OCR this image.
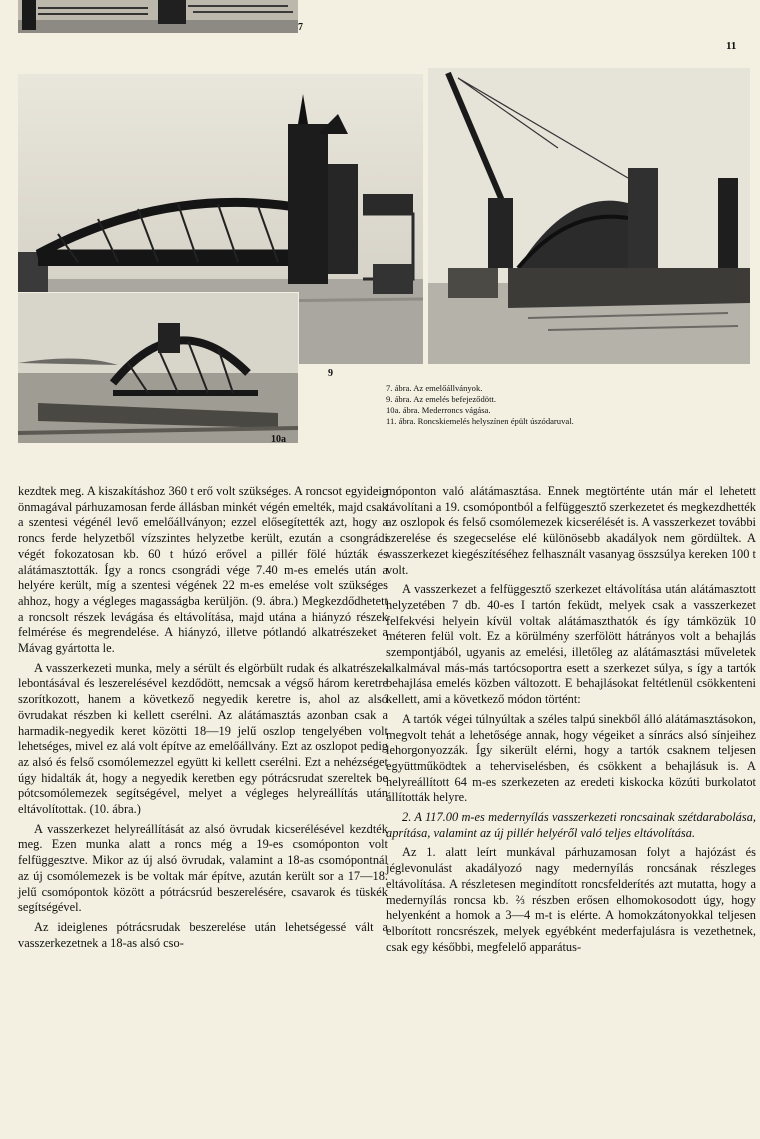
7
9
10a
11
7. ábra. Az emelőállványok.
9. ábra. Az emelés befejeződött.
10a. ábra. Mederroncs vágása.
11. ábra. Roncskiemelés helyszínen épült úszódaruval.

kezdtek meg. A kiszakításhoz 360 t erő volt szükséges. A roncsot egyideig önmagával párhuzamosan ferde állásban minkét végén emelték, majd csak a szentesi végénél levő emelőállványon; ezzel elősegítették azt, hogy a roncs ferde helyzetből vízszintes helyzetbe került, ezután a csongrádi végét fokozatosan kb. 60 t húzó erővel a pillér fölé húzták és alátámasztották. Így a roncs csongrádi vége 7.40 m-es emelés után a helyére került, míg a szentesi végének 22 m-es emelése volt szükséges ahhoz, hogy a végleges magasságba kerüljön. (9. ábra.) Megkezdődhetett a roncsolt részek levágása és eltávolítása, majd utána a hiányzó részek felmérése és megrendelése. A hiányzó, illetve pótlandó alkatrészeket a Mávag gyártotta le.

A vasszerkezeti munka, mely a sérült és elgörbült rudak és alkatrészek lebontásával és leszerelésével kezdődött, nemcsak a végső három keretre szorítkozott, hanem a következő negyedik keretre is, ahol az alsó övrudakat részben ki kellett cserélni. Az alátámasztás azonban csak a harmadik-negyedik keret közötti 18—19 jelű oszlop tengelyében volt lehetséges, mivel ez alá volt építve az emelőállvány. Ezt az oszlopot pedig az alsó és felső csomólemezzel együtt ki kellett cserélni. Ezt a nehézséget úgy hidalták át, hogy a negyedik keretben egy pótrácsrudat szereltek be pótcsomólemezek segítségével, melyet a végleges helyreállítás után eltávolítottak. (10. ábra.)

A vasszerkezet helyreállítását az alsó övrudak kicserélésével kezdték meg. Ezen munka alatt a roncs még a 19-es csomóponton volt felfüggesztve. Mikor az új alsó övrudak, valamint a 18-as csomópontnál az új csomólemezek is be voltak már építve, azután került sor a 17—18. jelű csomópontok között a pótrácsrúd beszerelésére, csavarok és tüskék segítségével.

Az ideiglenes pótrácsrudak beszerelése után lehetségessé vált a vasszerkezetnek a 18-as alsó cso-

móponton való alátámasztása. Ennek megtörténte után már el lehetett távolítani a 19. csomópontból a felfüggesztő szerkezetet és megkezdhették az oszlopok és felső csomólemezek kicserélését is. A vasszerkezet további szerelése és szegecselése elé különösebb akadályok nem gördültek. A vasszerkezet kiegészítéséhez felhasznált vasanyag összsúlya kereken 100 t volt.

A vasszerkezet a felfüggesztő szerkezet eltávolítása után alátámasztott helyzetében 7 db. 40-es I tartón feküdt, melyek csak a vasszerkezet felfekvési helyein kívül voltak alátámaszthatók és így támközük 10 méteren felül volt. Ez a körülmény szerfölött hátrányos volt a behajlás szempontjából, ugyanis az emelési, illetőleg az alátámasztási műveletek alkalmával más-más tartócsoportra esett a szerkezet súlya, s így a tartók behajlása emelés közben változott. E behajlásokat feltétlenül csökkenteni kellett, ami a következő módon történt:

A tartók végei túlnyúltak a széles talpú sinekből álló alátámasztásokon, megvolt tehát a lehetősége annak, hogy végeiket a sínrács alsó sínjeihez lehorgonyozzák. Így sikerült elérni, hogy a tartók csaknem teljesen együttműködtek a teherviselésben, és csökkent a behajlásuk is. A helyreállított 64 m-es szerkezeten az eredeti kiskocka közúti burkolatot állították helyre.

2. A 117.00 m-es medernyílás vasszerkezeti roncsainak szétdarabolása, aprítása, valamint az új pillér helyéről való teljes eltávolítása.

Az 1. alatt leírt munkával párhuzamosan folyt a hajózást és jéglevonulást akadályozó nagy medernyílás roncsának részleges eltávolítása. A részletesen megindított roncsfelderítés azt mutatta, hogy a medernyílás roncsa kb. ⅔ részben erősen elhomokosodott úgy, hogy helyenként a homok a 3—4 m-t is elérte. A homokzátonyokkal teljesen elborított roncsrészek, melyek egyébként mederfajulásra is vezethetnek, csak egy későbbi, megfelelő apparátus-
